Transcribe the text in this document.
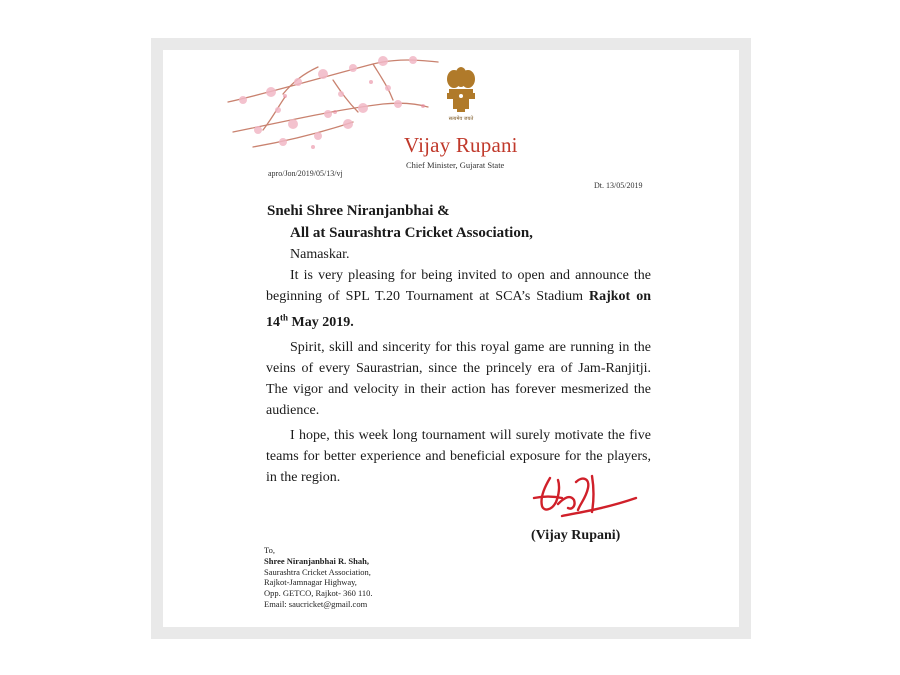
सत्यमेव जयते
Vijay Rupani
Chief Minister, Gujarat State
apro/Jon/2019/05/13/vj
Dt. 13/05/2019
Snehi Shree Niranjanbhai &
All at Saurashtra Cricket Association,
Namaskar.

It is very pleasing for being invited to open and announce the beginning of SPL T.20 Tournament at SCA’s Stadium Rajkot on 14th May 2019.

Spirit, skill and sincerity for this royal game are running in the veins of every Saurastrian, since the princely era of Jam-Ranjitji. The vigor and velocity in their action has forever mesmerized the audience.

I hope, this week long tournament will surely motivate the five teams for better experience and beneficial exposure for the players, in the region.

(Vijay Rupani)
To,
Shree Niranjanbhai R. Shah,
Saurashtra Cricket Association,
Rajkot-Jamnagar Highway,
Opp. GETCO, Rajkot- 360 110.
Email: saucricket@gmail.com
